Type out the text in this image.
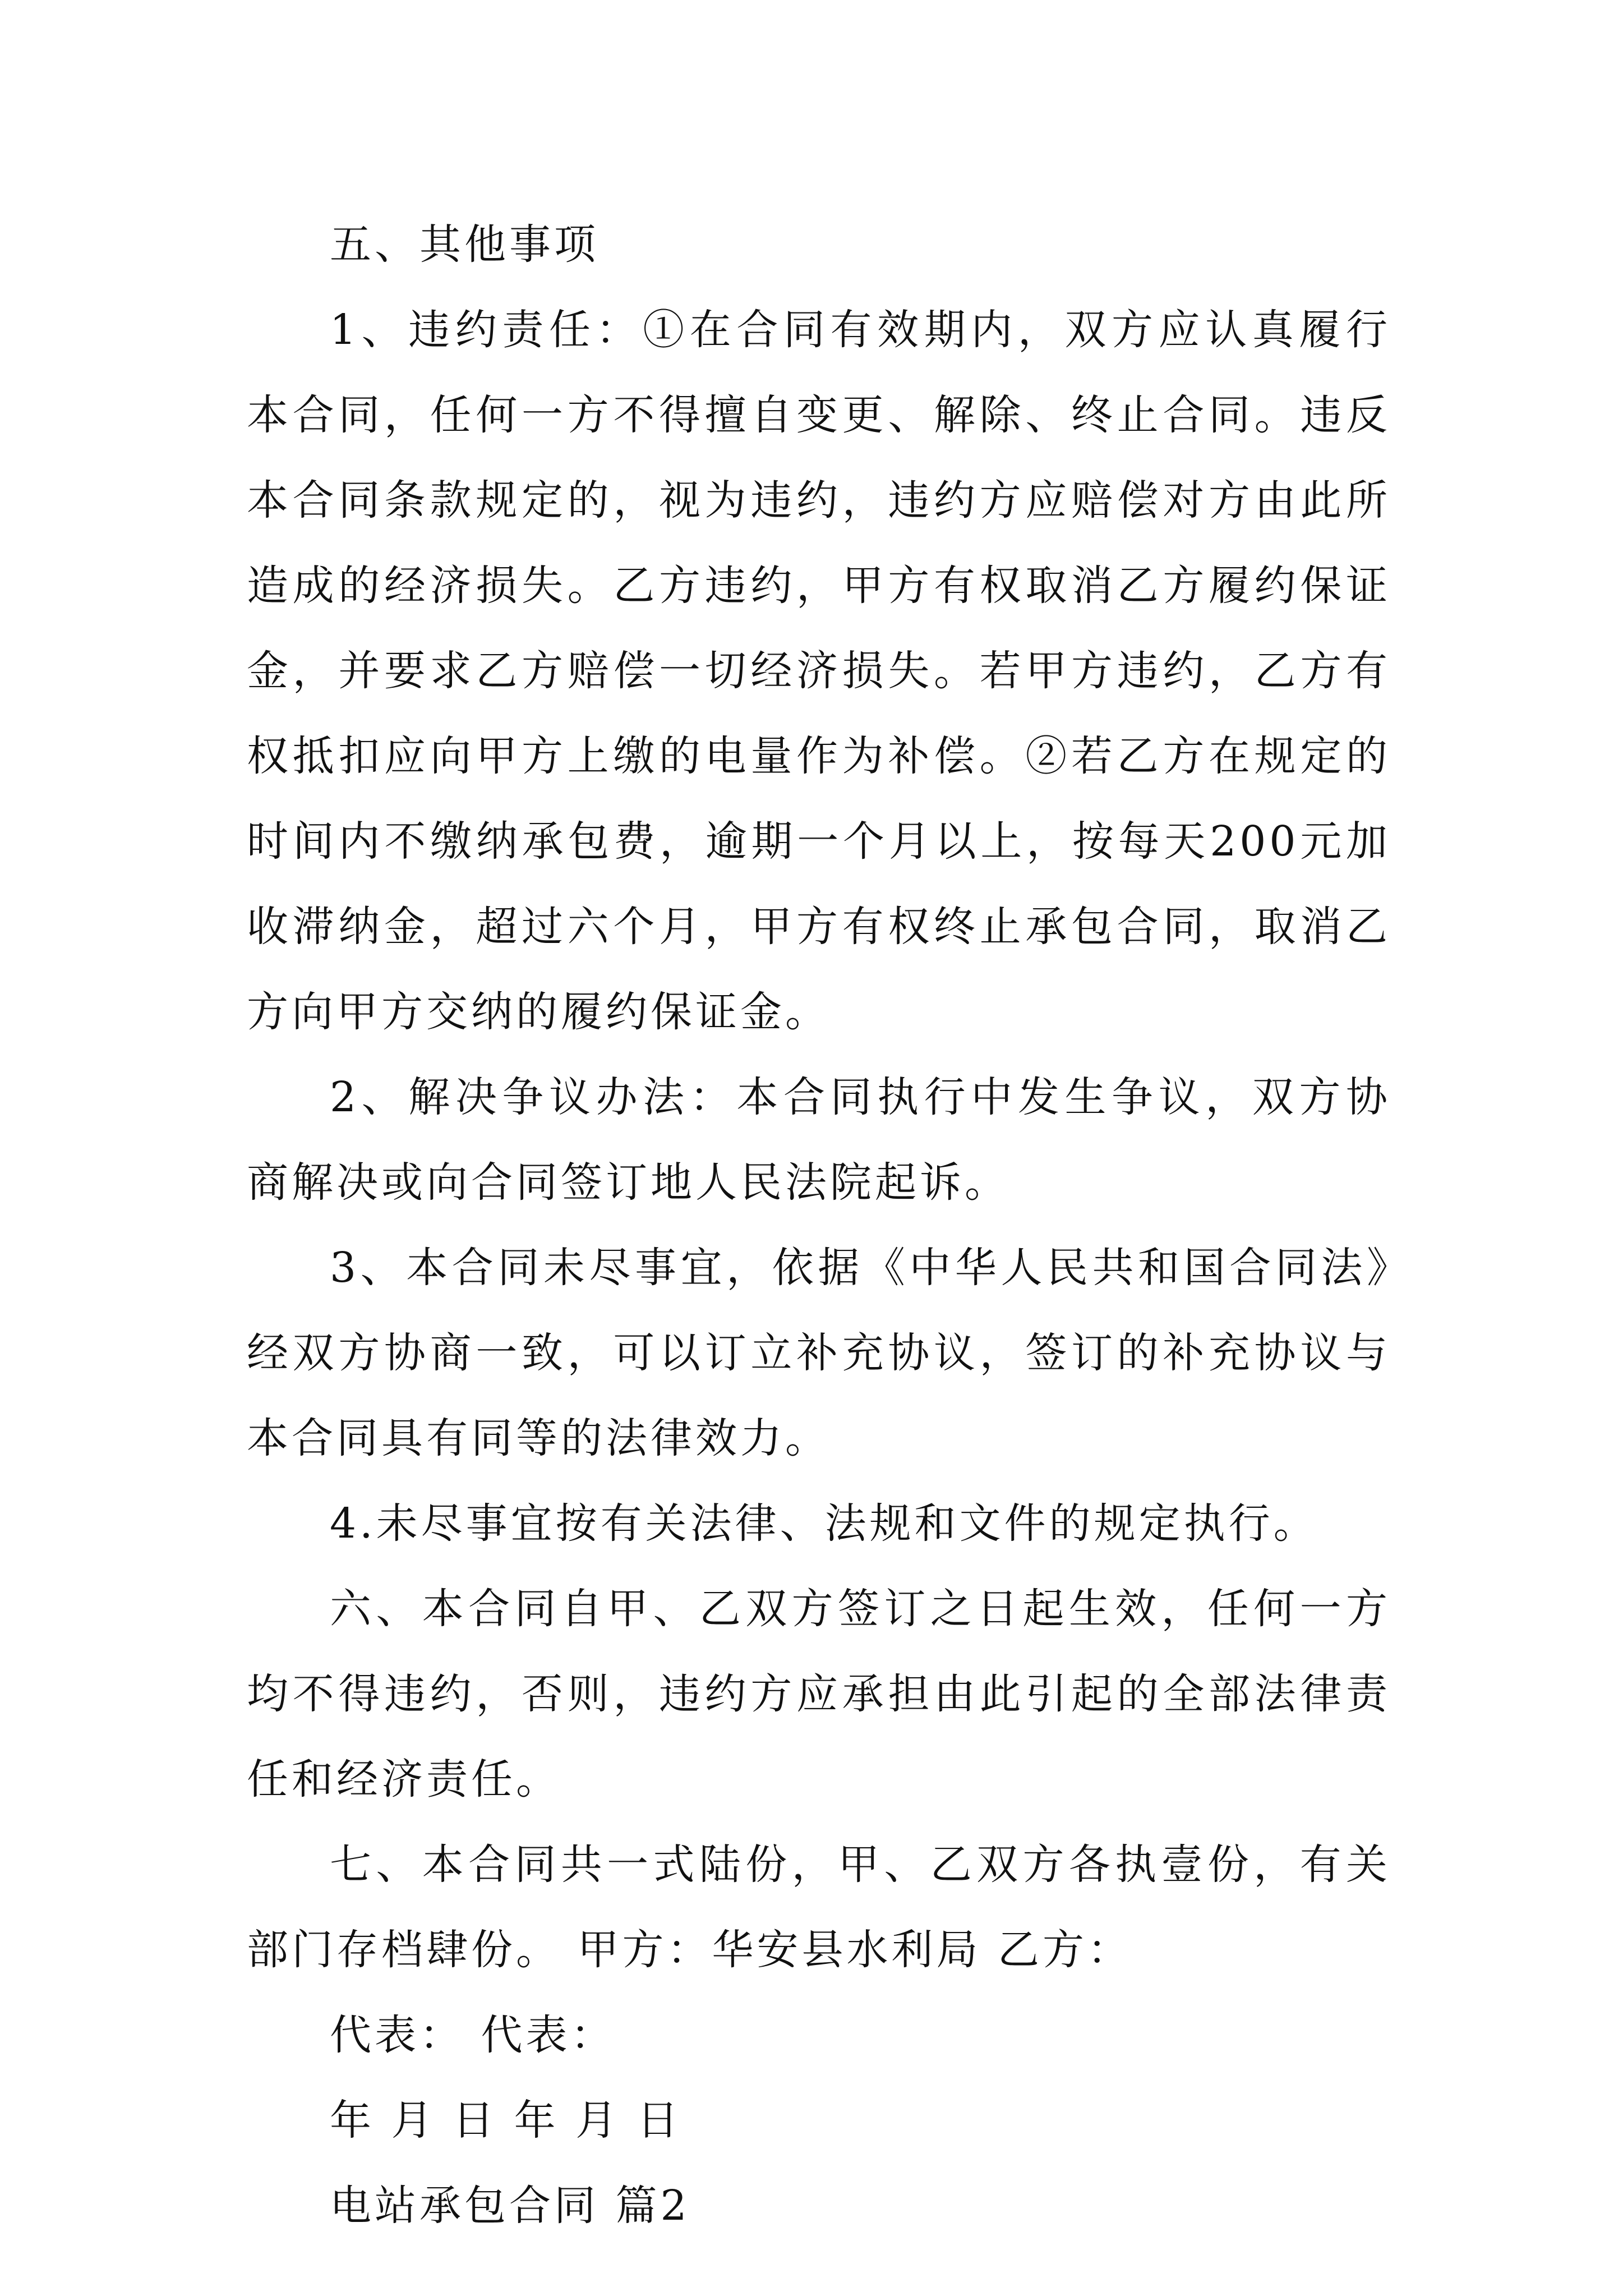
五、其他事项

1、违约责任：①在合同有效期内，双方应认真履行本合同，任何一方不得擅自变更、解除、终止合同。违反本合同条款规定的，视为违约，违约方应赔偿对方由此所造成的经济损失。乙方违约，甲方有权取消乙方履约保证金，并要求乙方赔偿一切经济损失。若甲方违约，乙方有权抵扣应向甲方上缴的电量作为补偿。②若乙方在规定的时间内不缴纳承包费，逾期一个月以上，按每天200元加收滞纳金，超过六个月，甲方有权终止承包合同，取消乙方向甲方交纳的履约保证金。

2、解决争议办法：本合同执行中发生争议，双方协商解决或向合同签订地人民法院起诉。

3、本合同未尽事宜，依据《中华人民共和国合同法》经双方协商一致，可以订立补充协议，签订的补充协议与本合同具有同等的法律效力。

4.未尽事宜按有关法律、法规和文件的规定执行。

六、本合同自甲、乙双方签订之日起生效，任何一方均不得违约，否则，违约方应承担由此引起的全部法律责任和经济责任。

七、本合同共一式陆份，甲、乙双方各执壹份，有关部门存档肆份。 甲方：华安县水利局 乙方：

代表： 代表：

年 月 日 年 月 日

电站承包合同 篇2
